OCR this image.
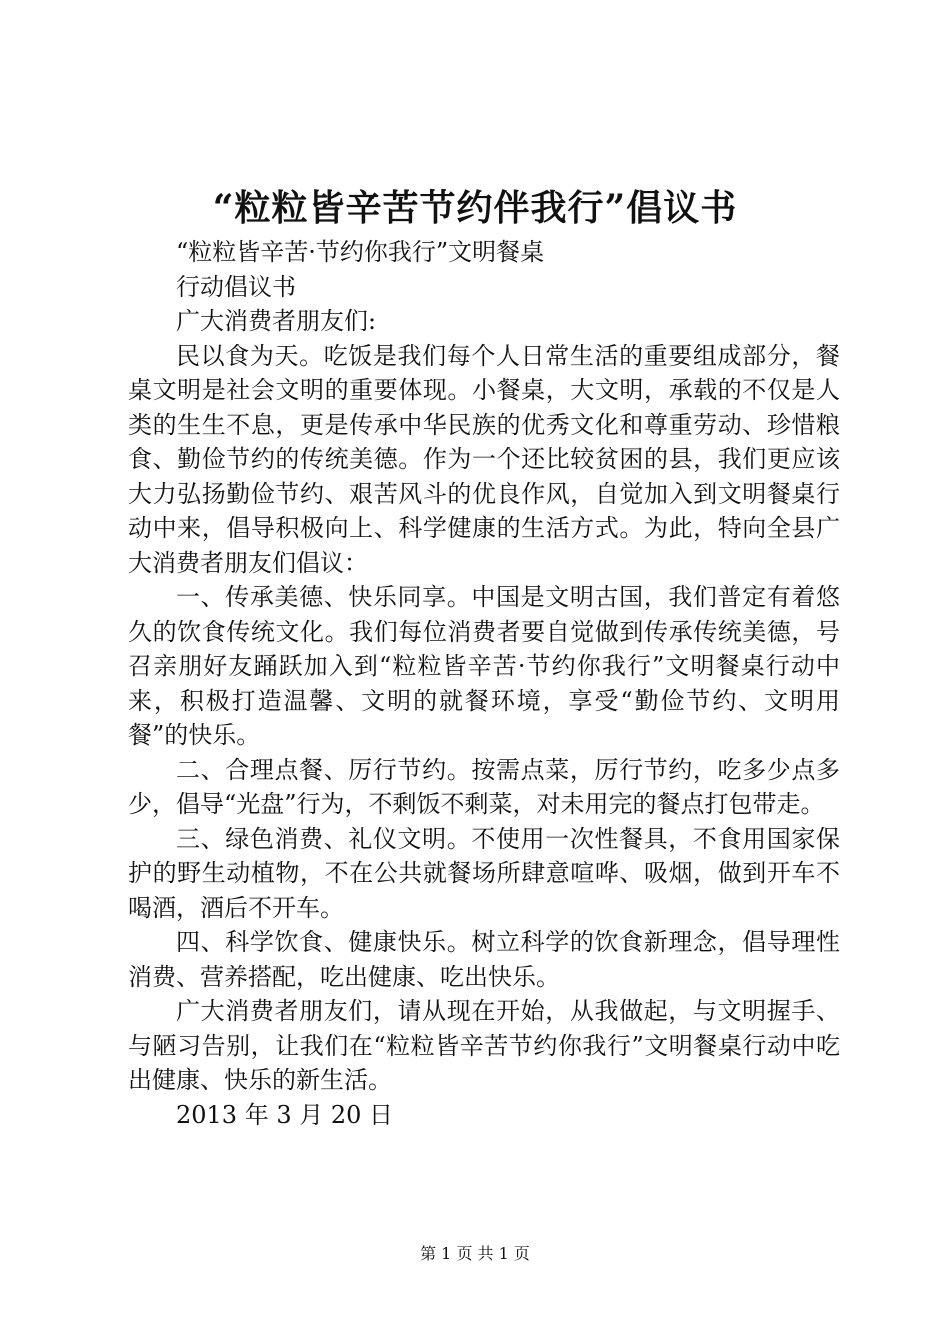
“粒粒皆辛苦节约伴我行”倡议书

“粒粒皆辛苦·节约你我行”文明餐桌

行动倡议书

广大消费者朋友们:

民以食为天。吃饭是我们每个人日常生活的重要组成部分，餐桌文明是社会文明的重要体现。小餐桌，大文明，承载的不仅是人类的生生不息，更是传承中华民族的优秀文化和尊重劳动、珍惜粮食、勤俭节约的传统美德。作为一个还比较贫困的县，我们更应该大力弘扬勤俭节约、艰苦风斗的优良作风，自觉加入到文明餐桌行动中来，倡导积极向上、科学健康的生活方式。为此，特向全县广大消费者朋友们倡议：

一、传承美德、快乐同享。中国是文明古国，我们普定有着悠久的饮食传统文化。我们每位消费者要自觉做到传承传统美德，号召亲朋好友踊跃加入到“粒粒皆辛苦·节约你我行”文明餐桌行动中来，积极打造温馨、文明的就餐环境，享受“勤俭节约、文明用餐”的快乐。

二、合理点餐、厉行节约。按需点菜，厉行节约，吃多少点多少，倡导“光盘”行为，不剩饭不剩菜，对未用完的餐点打包带走。

三、绿色消费、礼仪文明。不使用一次性餐具，不食用国家保护的野生动植物，不在公共就餐场所肆意喧哗、吸烟，做到开车不喝酒，酒后不开车。

四、科学饮食、健康快乐。树立科学的饮食新理念，倡导理性消费、营养搭配，吃出健康、吃出快乐。

广大消费者朋友们，请从现在开始，从我做起，与文明握手、与陋习告别，让我们在“粒粒皆辛苦节约你我行”文明餐桌行动中吃出健康、快乐的新生活。

2013 年 3 月 20 日

第 1 页 共 1 页
